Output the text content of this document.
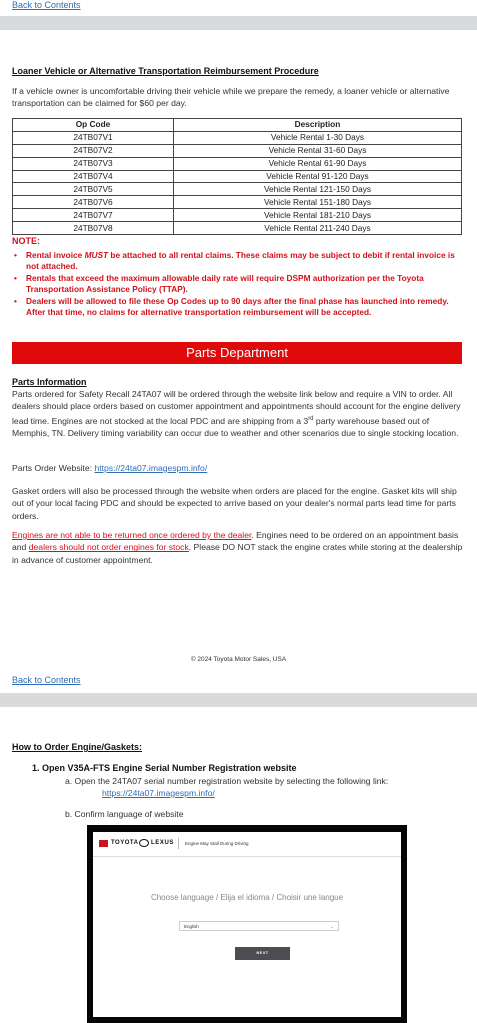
Back to Contents
Loaner Vehicle or Alternative Transportation Reimbursement Procedure
If a vehicle owner is uncomfortable driving their vehicle while we prepare the remedy, a loaner vehicle or alternative transportation can be claimed for $60 per day.
Op Code	Description
24TB07V1	Vehicle Rental 1-30 Days
24TB07V2	Vehicle Rental 31-60 Days
24TB07V3	Vehicle Rental 61-90 Days
24TB07V4	Vehicle Rental 91-120 Days
24TB07V5	Vehicle Rental 121-150 Days
24TB07V6	Vehicle Rental 151-180 Days
24TB07V7	Vehicle Rental 181-210 Days
24TB07V8	Vehicle Rental 211-240 Days
NOTE:
• Rental invoice MUST be attached to all rental claims. These claims may be subject to debit if rental invoice is not attached.
• Rentals that exceed the maximum allowable daily rate will require DSPM authorization per the Toyota Transportation Assistance Policy (TTAP).
• Dealers will be allowed to file these Op Codes up to 90 days after the final phase has launched into remedy. After that time, no claims for alternative transportation reimbursement will be accepted.
Parts Department
Parts Information
Parts ordered for Safety Recall 24TA07 will be ordered through the website link below and require a VIN to order. All dealers should place orders based on customer appointment and appointments should account for the engine delivery lead time. Engines are not stocked at the local PDC and are shipping from a 3rd party warehouse based out of Memphis, TN. Delivery timing variability can occur due to weather and other scenarios due to single stocking location.
Parts Order Website: https://24ta07.imagespm.info/
Gasket orders will also be processed through the website when orders are placed for the engine. Gasket kits will ship out of your local facing PDC and should be expected to arrive based on your dealer's normal parts lead time for parts orders.
Engines are not able to be returned once ordered by the dealer. Engines need to be ordered on an appointment basis and dealers should not order engines for stock. Please DO NOT stack the engine crates while storing at the dealership in advance of customer appointment.
© 2024 Toyota Motor Sales, USA
Back to Contents
How to Order Engine/Gaskets:
1. Open V35A-FTS Engine Serial Number Registration website
a. Open the 24TA07 serial number registration website by selecting the following link:
https://24ta07.imagespm.info/
b. Confirm language of website
TOYOTA LEXUS Engine May Stall During Driving
Choose language / Elija el idioma / Choisir une langue
English	⌄
NEXT
